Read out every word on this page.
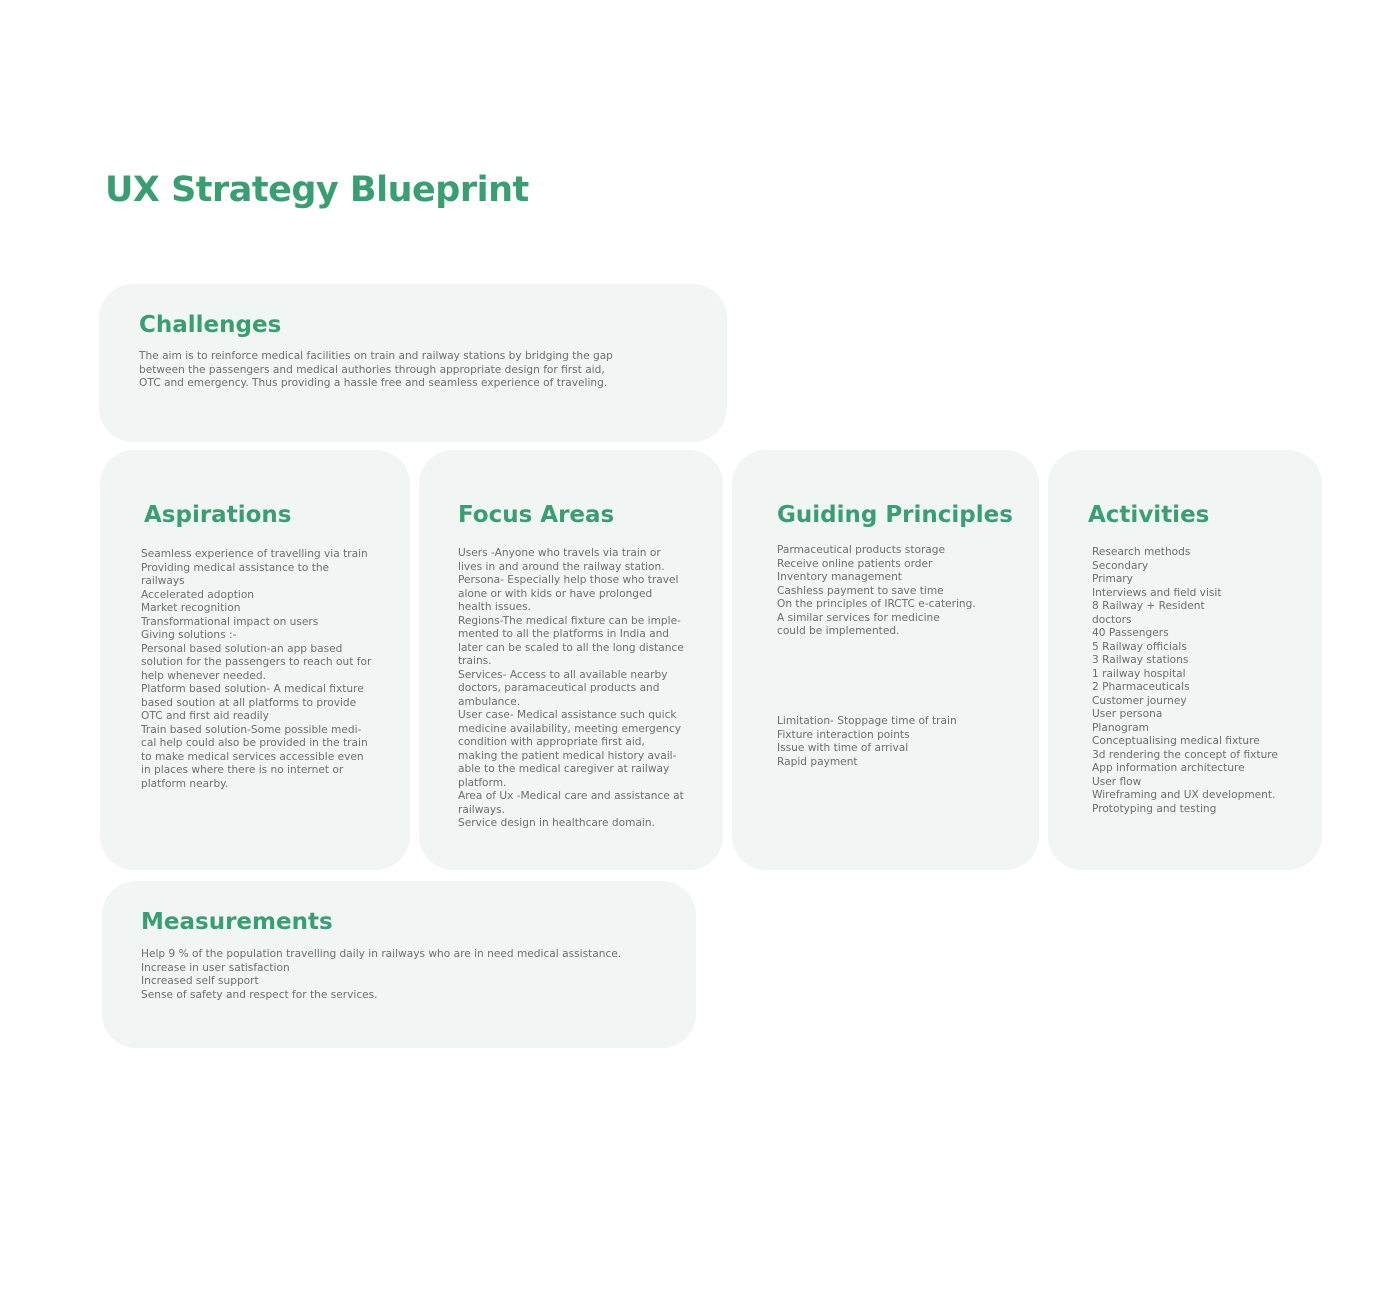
UX Strategy Blueprint
Challenges
The aim is to reinforce medical facilities on train and railway stations by bridging the gap
between the passengers and medical authories through appropriate design for first aid,
OTC and emergency. Thus providing a hassle free and seamless experience of traveling.
Aspirations
Seamless experience of travelling via train
Providing medical assistance to the
railways
Accelerated adoption
Market recognition
Transformational impact on users
Giving solutions :-
Personal based solution-an app based
solution for the passengers to reach out for
help whenever needed.
Platform based solution- A medical fixture
based soution at all platforms to provide
OTC and first aid readily
Train based solution-Some possible medi-
cal help could also be provided in the train
to make medical services accessible even
in places where there is no internet or
platform nearby.
Focus Areas
Users -Anyone who travels via train or
lives in and around the railway station.
Persona- Especially help those who travel
alone or with kids or have prolonged
health issues.
Regions-The medical fixture can be imple-
mented to all the platforms in India and
later can be scaled to all the long distance
trains.
Services- Access to all available nearby
doctors, paramaceutical products and
ambulance.
User case- Medical assistance such quick
medicine availability, meeting emergency
condition with appropriate first aid,
making the patient medical history avail-
able to the medical caregiver at railway
platform.
Area of Ux -Medical care and assistance at
railways.
Service design in healthcare domain.
Guiding Principles
Parmaceutical products storage
Receive online patients order
Inventory management
Cashless payment to save time
On the principles of IRCTC e-catering.
A similar services for medicine
could be implemented.
Limitation- Stoppage time of train
Fixture interaction points
Issue with time of arrival
Rapid payment
Activities
Research methods
Secondary
Primary
Interviews and field visit
8 Railway + Resident
doctors
40 Passengers
5 Railway officials
3 Railway stations
1 railway hospital
2 Pharmaceuticals
Customer journey
User persona
Planogram
Conceptualising medical fixture
3d rendering the concept of fixture
App information architecture
User flow
Wireframing and UX development.
Prototyping and testing
Measurements
Help 9 % of the population travelling daily in railways who are in need medical assistance.
Increase in user satisfaction
Increased self support
Sense of safety and respect for the services.
